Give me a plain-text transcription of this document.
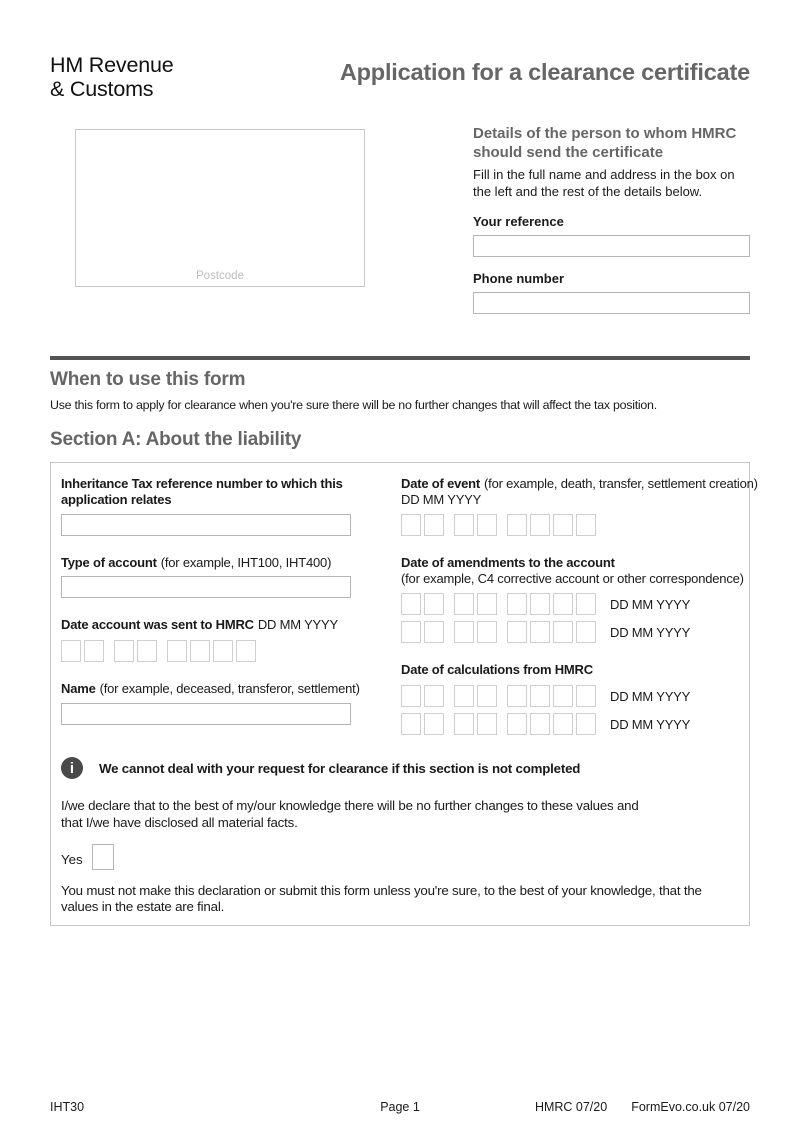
HM Revenue
& Customs
Application for a clearance certificate
Postcode
Details of the person to whom HMRC should send the certificate
Fill in the full name and address in the box on the left and the rest of the details below.
Your reference
Phone number
When to use this form
Use this form to apply for clearance when you're sure there will be no further changes that will affect the tax position.
Section A: About the liability
Inheritance Tax reference number to which this application relates
Type of account (for example, IHT100, IHT400)
Date account was sent to HMRC DD MM YYYY
Name (for example, deceased, transferor, settlement)
Date of event (for example, death, transfer, settlement creation)
DD MM YYYY
Date of amendments to the account
(for example, C4 corrective account or other correspondence)
DD MM YYYY
DD MM YYYY
Date of calculations from HMRC
DD MM YYYY
DD MM YYYY
i	We cannot deal with your request for clearance if this section is not completed
I/we declare that to the best of my/our knowledge there will be no further changes to these values and that I/we have disclosed all material facts.
Yes
You must not make this declaration or submit this form unless you're sure, to the best of your knowledge, that the values in the estate are final.
IHT30	Page 1	HMRC 07/20 FormEvo.co.uk 07/20
